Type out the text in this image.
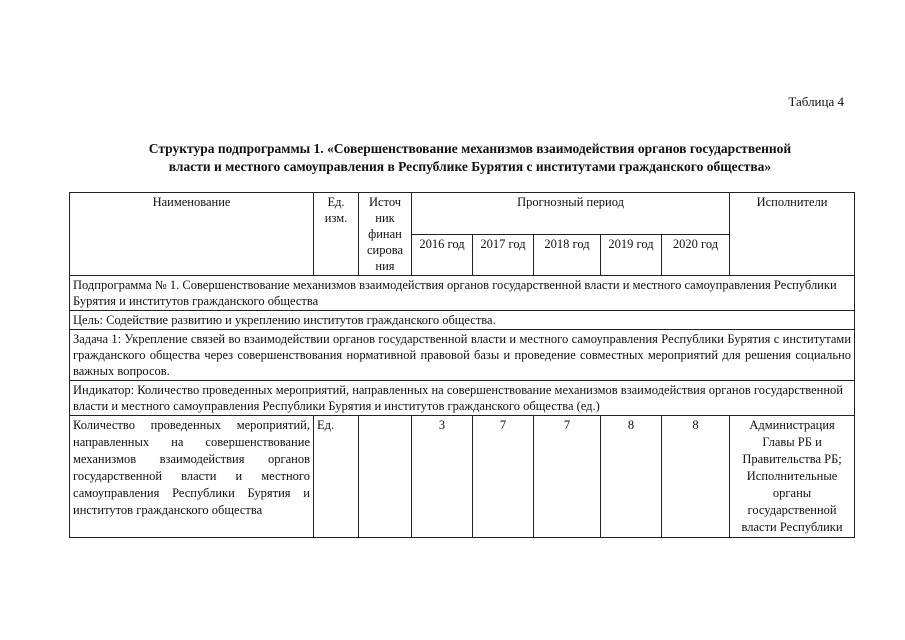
Таблица 4
Структура подпрограммы 1. «Совершенствование механизмов взаимодействия органов государственной
власти и местного самоуправления в Республике Бурятия с институтами гражданского общества»
Наименование	Ед. изм.	Источ ник финан сирова ния	Прогнозный период					Исполнители
			2016 год	2017 год	2018 год	2019 год	2020 год	
Подпрограмма № 1. Совершенствование механизмов взаимодействия органов государственной власти и местного самоуправления Республики Бурятия и институтов гражданского общества								
Цель: Содействие развитию и укреплению институтов гражданского общества.								
Задача 1: Укрепление связей во взаимодействии органов государственной власти и местного самоуправления Республики Бурятия с институтами гражданского общества через совершенствования нормативной правовой базы и проведение совместных мероприятий для решения социально важных вопросов.								
Индикатор: Количество проведенных мероприятий, направленных на совершенствование механизмов взаимодействия органов государственной власти и местного самоуправления Республики Бурятия и институтов гражданского общества (ед.)								
Количество проведенных мероприятий, направленных на совершенствование механизмов взаимодействия органов государственной власти и местного самоуправления Республики Бурятия и институтов гражданского общества	Ед.		3	7	7	8	8	Администрация Главы РБ и Правительства РБ; Исполнительные органы государственной власти Республики
